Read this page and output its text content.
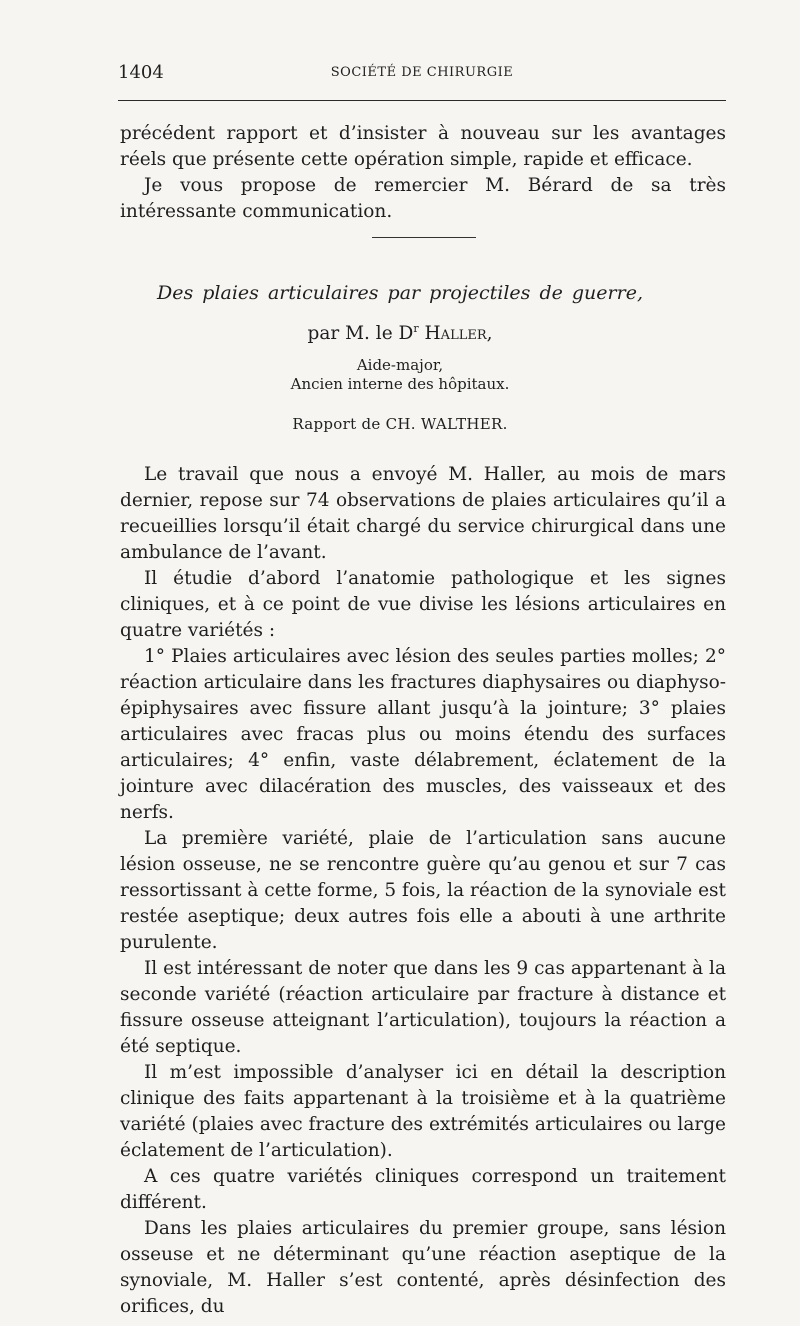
1404	SOCIÉTÉ DE CHIRURGIE

précédent rapport et d’insister à nouveau sur les avantages réels que présente cette opération simple, rapide et efficace.

Je vous propose de remercier M. Bérard de sa très intéressante communication.

Des plaies articulaires par projectiles de guerre,
par M. le $D^r$ Haller,
Aide-major,
Ancien interne des hôpitaux.
Rapport de CH. WALTHER.

Le travail que nous a envoyé M. Haller, au mois de mars dernier, repose sur 74 observations de plaies articulaires qu’il a recueillies lorsqu’il était chargé du service chirurgical dans une ambulance de l’avant.

Il étudie d’abord l’anatomie pathologique et les signes cliniques, et à ce point de vue divise les lésions articulaires en quatre variétés :

1° Plaies articulaires avec lésion des seules parties molles; 2° réaction articulaire dans les fractures diaphysaires ou diaphyso-épiphysaires avec fissure allant jusqu’à la jointure; 3° plaies articulaires avec fracas plus ou moins étendu des surfaces articulaires; 4° enfin, vaste délabrement, éclatement de la jointure avec dilacération des muscles, des vaisseaux et des nerfs.

La première variété, plaie de l’articulation sans aucune lésion osseuse, ne se rencontre guère qu’au genou et sur 7 cas ressortissant à cette forme, 5 fois, la réaction de la synoviale est restée aseptique; deux autres fois elle a abouti à une arthrite purulente.

Il est intéressant de noter que dans les 9 cas appartenant à la seconde variété (réaction articulaire par fracture à distance et fissure osseuse atteignant l’articulation), toujours la réaction a été septique.

Il m’est impossible d’analyser ici en détail la description clinique des faits appartenant à la troisième et à la quatrième variété (plaies avec fracture des extrémités articulaires ou large éclatement de l’articulation).

A ces quatre variétés cliniques correspond un traitement différent.

Dans les plaies articulaires du premier groupe, sans lésion osseuse et ne déterminant qu’une réaction aseptique de la synoviale, M. Haller s’est contenté, après désinfection des orifices, du
